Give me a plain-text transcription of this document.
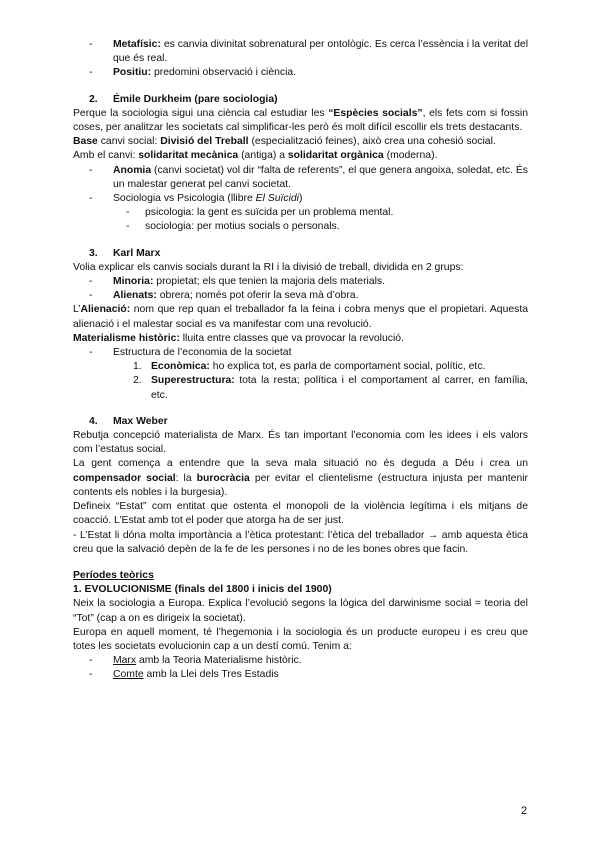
- Metafísic: es canvia divinitat sobrenatural per ontològic. Es cerca l’essència i la veritat del que és real.
- Positiu: predomini observació i ciència.
2. Émile Durkheim (pare sociologia)

Perque la sociologia sigui una ciència cal estudiar les “Espècies socials”, els fets com si fossin coses, per analitzar les societats cal simplificar-les però és molt difícil escollir els trets destacants.

Base canvi social: Divisió del Treball (especialització feines), això crea una cohesió social.

Amb el canvi: solidaritat mecànica (antiga) a solidaritat orgànica (moderna).

- Anomia (canvi societat) vol dir “falta de referents”, el que genera angoixa, soledat, etc. És un malestar generat pel canvi societat.
- Sociologia vs Psicologia (llibre El Suïcidi)
- psicologia: la gent es suïcida per un problema mental.
- sociologia: per motius socials o personals.
3. Karl Marx

Volia explicar els canvis socials durant la RI i la divisió de treball, dividida en 2 grups:

- Minoria: propietat; els que tenien la majoria dels materials.
- Alienats: obrera; només pot oferir la seva mà d’obra.

L’Alienació: nom que rep quan el treballador fa la feina i cobra menys que el propietari. Aquesta alienació i el malestar social es va manifestar com una revolució.

Materialisme històric: lluita entre classes que va provocar la revolució.

- Estructura de l’economia de la societat
1. Econòmica: ho explica tot, es parla de comportament social, polític, etc.
2. Superestructura: tota la resta; política i el comportament al carrer, en família, etc.
4. Max Weber

Rebutja concepció materialista de Marx. És tan important l’economia com les idees i els valors com l’estatus social.

La gent comença a entendre que la seva mala situació no és deguda a Déu i crea un compensador social: la burocràcia per evitar el clientelisme (estructura injusta per mantenir contents els nobles i la burgesia).

Defineix “Estat” com entitat que ostenta el monopoli de la violència legítima i els mitjans de coacció. L’Estat amb tot el poder que atorga ha de ser just.

- L’Estat li dóna molta importància a l’ètica protestant: l’ètica del treballador → amb aquesta ètica creu que la salvació depèn de la fe de les persones i no de les bones obres que facin.

Períodes teòrics
1. EVOLUCIONISME (finals del 1800 i inicis del 1900)

Neix la sociologia a Europa. Explica l’evolució segons la lògica del darwinisme social = teoria del “Tot” (cap a on es dirigeix la societat).

Europa en aquell moment, té l’hegemonia i la sociologia és un producte europeu i es creu que totes les societats evolucionin cap a un destí comú. Tenim a:

- Marx amb la Teoria Materialisme històric.
- Comte amb la Llei dels Tres Estadis
2
